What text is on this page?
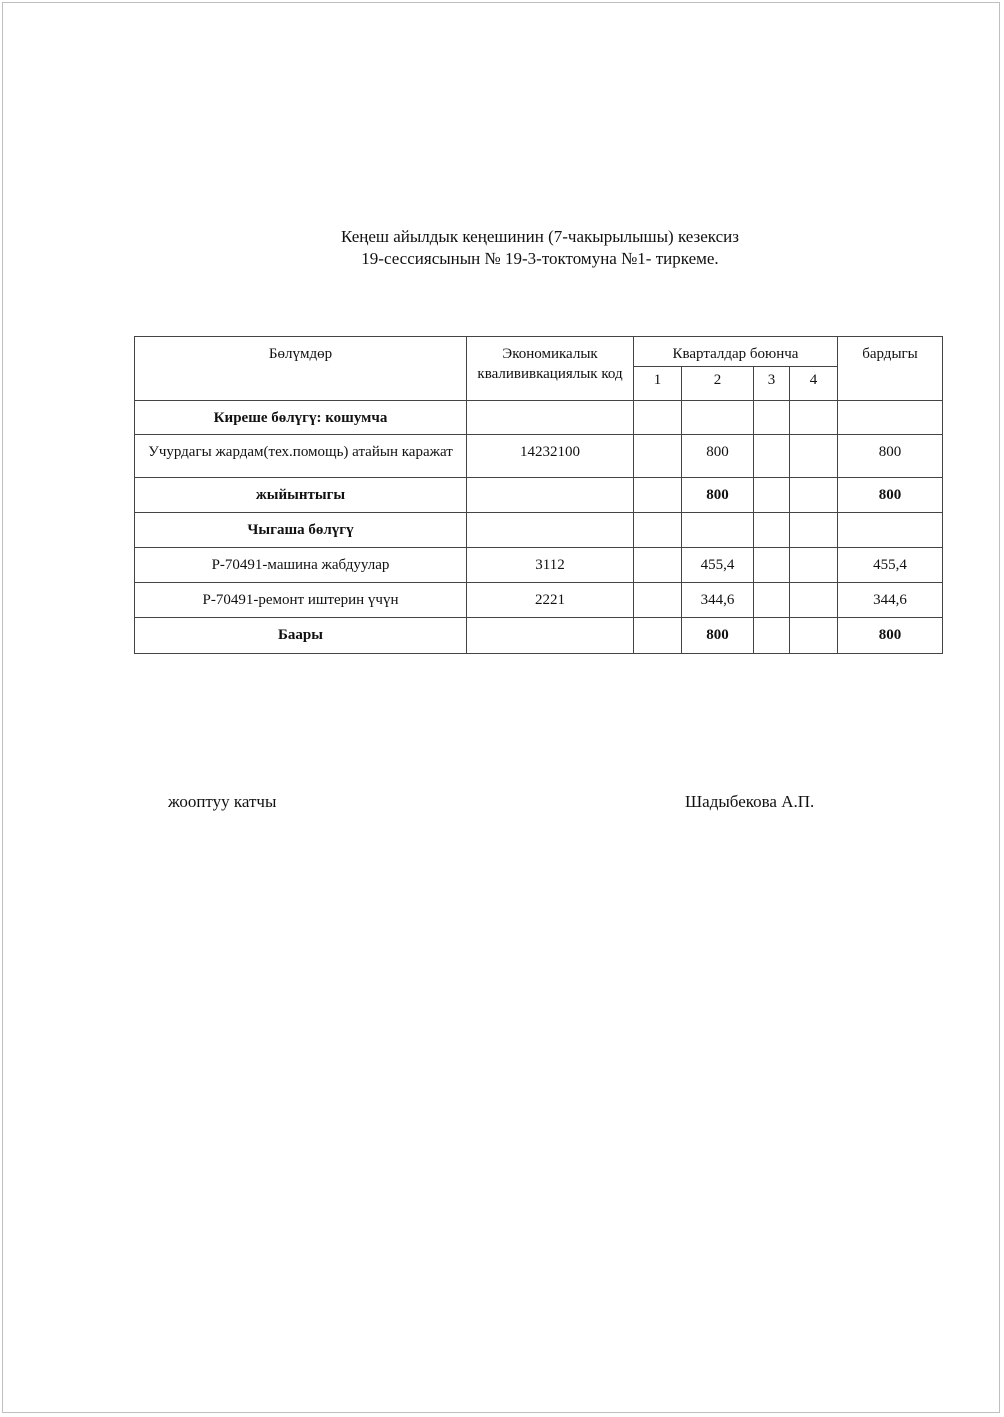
Кеңеш айылдык кеңешинин (7-чакырылышы) кезексиз
19-сессиясынын № 19-3-токтомуна №1- тиркеме.
Бөлүмдөр	Экономикалык квалививкациялык код	Кварталдар боюнча				бардыгы
		1	2	3	4	
Киреше бөлүгү: кошумча						
Учурдагы жардам(тех.помощь) атайын каражат	14232100		800			800
жыйынтыгы			800			800
Чыгаша бөлүгү						
Р-70491-машина жабдуулар	3112		455,4			455,4
Р-70491-ремонт иштерин үчүн	2221		344,6			344,6
Баары			800			800
жооптуу катчы	Шадыбекова А.П.
